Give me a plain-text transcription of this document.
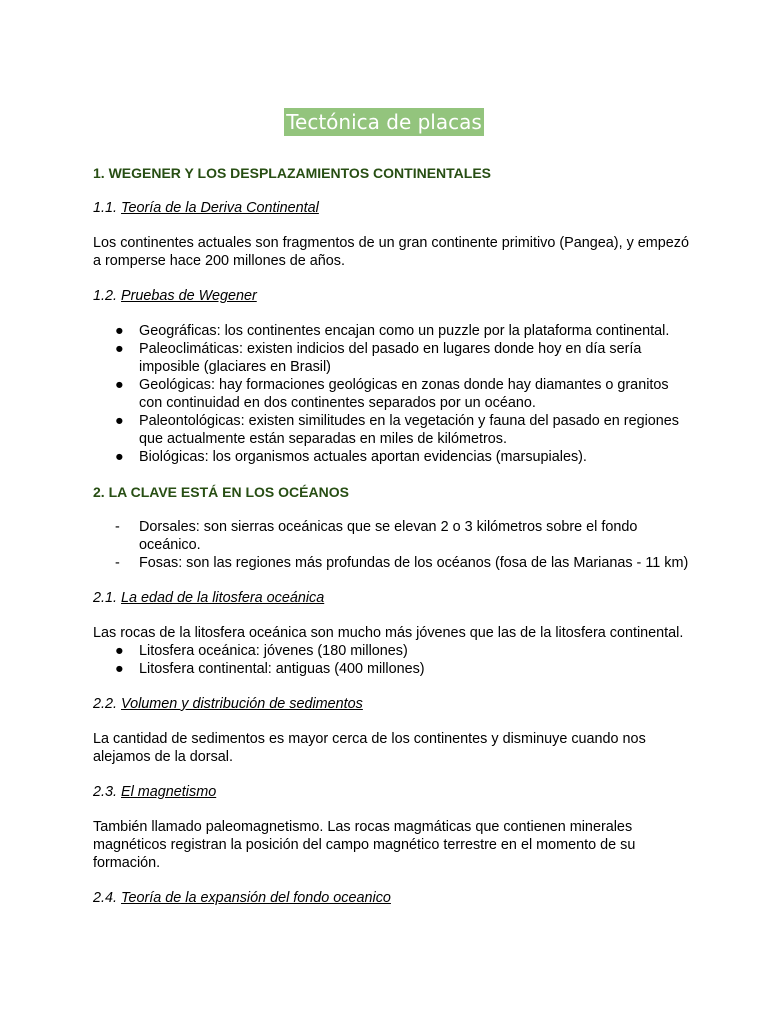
Tectónica de placas

1. WEGENER Y LOS DESPLAZAMIENTOS CONTINENTALES

1.1. Teoría de la Deriva Continental

Los continentes actuales son fragmentos de un gran continente primitivo (Pangea), y empezó a romperse hace 200 millones de años.

1.2. Pruebas de Wegener

● Geográficas: los continentes encajan como un puzzle por la plataforma continental.
● Paleoclimáticas: existen indicios del pasado en lugares donde hoy en día sería imposible (glaciares en Brasil)
● Geológicas: hay formaciones geológicas en zonas donde hay diamantes o granitos con continuidad en dos continentes separados por un océano.
● Paleontológicas: existen similitudes en la vegetación y fauna del pasado en regiones que actualmente están separadas en miles de kilómetros.
● Biológicas: los organismos actuales aportan evidencias (marsupiales).

2. LA CLAVE ESTÁ EN LOS OCÉANOS

- Dorsales: son sierras oceánicas que se elevan 2 o 3 kilómetros sobre el fondo oceánico.
- Fosas: son las regiones más profundas de los océanos (fosa de las Marianas - 11 km)

2.1. La edad de la litosfera oceánica

Las rocas de la litosfera oceánica son mucho más jóvenes que las de la litosfera continental.

● Litosfera oceánica: jóvenes (180 millones)
● Litosfera continental: antiguas (400 millones)

2.2. Volumen y distribución de sedimentos

La cantidad de sedimentos es mayor cerca de los continentes y disminuye cuando nos alejamos de la dorsal.

2.3. El magnetismo

También llamado paleomagnetismo. Las rocas magmáticas que contienen minerales magnéticos registran la posición del campo magnético terrestre en el momento de su formación.

2.4. Teoría de la expansión del fondo oceanico
